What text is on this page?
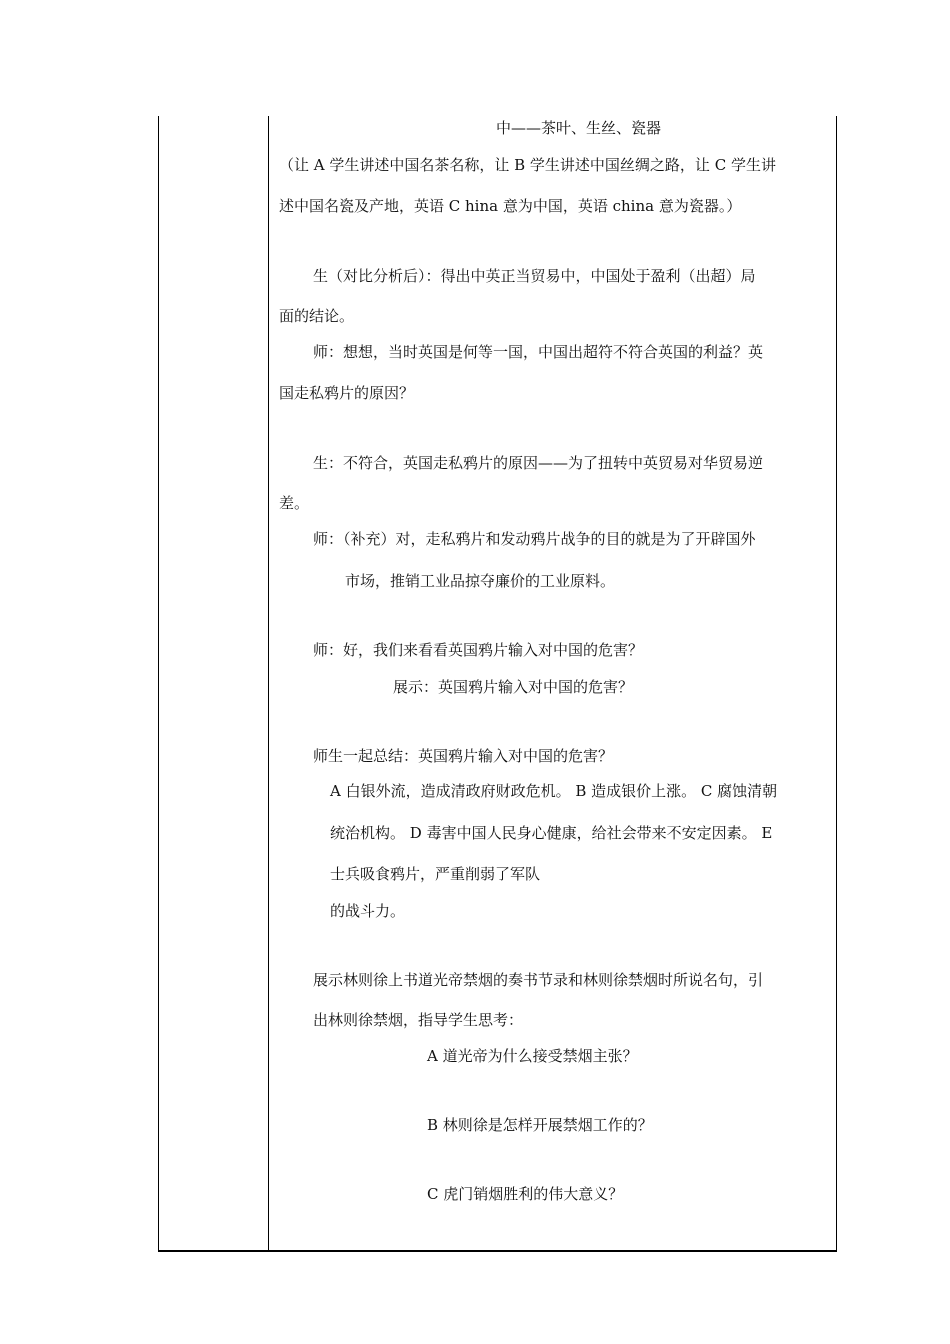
中——茶叶、生丝、瓷器
（让 A 学生讲述中国名茶名称，让 B 学生讲述中国丝绸之路，让 C 学生讲
述中国名瓷及产地，英语 C hina 意为中国，英语 china 意为瓷器。）
生（对比分析后）：得出中英正当贸易中，中国处于盈利（出超）局
面的结论。
师：想想，当时英国是何等一国，中国出超符不符合英国的利益？英
国走私鸦片的原因？
生：不符合，英国走私鸦片的原因——为了扭转中英贸易对华贸易逆
差。
师：（补充）对，走私鸦片和发动鸦片战争的目的就是为了开辟国外
市场，推销工业品掠夺廉价的工业原料。
师：好，我们来看看英国鸦片输入对中国的危害？
展示：英国鸦片输入对中国的危害？
师生一起总结：英国鸦片输入对中国的危害？
A 白银外流，造成清政府财政危机。 B 造成银价上涨。 C 腐蚀清朝
统治机构。 D 毒害中国人民身心健康，给社会带来不安定因素。 E
士兵吸食鸦片，严重削弱了军队
的战斗力。
展示林则徐上书道光帝禁烟的奏书节录和林则徐禁烟时所说名句，引
出林则徐禁烟，指导学生思考：
A 道光帝为什么接受禁烟主张？
B 林则徐是怎样开展禁烟工作的？
C 虎门销烟胜利的伟大意义？
